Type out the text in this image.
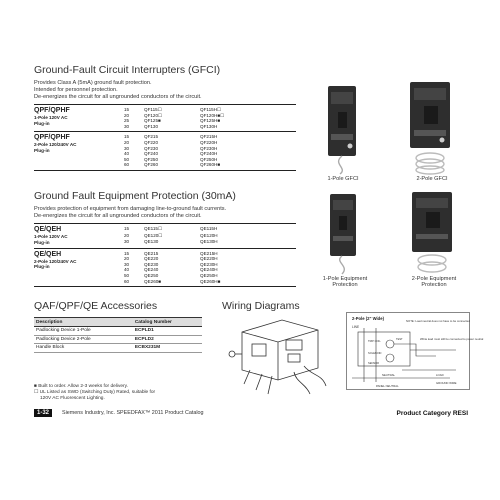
Ground-Fault Circuit Interrupters (GFCI)
Provides Class A (5mA) ground fault protection.
Intended for personnel protection.
De-energizes the circuit for all ungrounded conductors of the circuit.
QPF/QPHF
1-Pole 120V AC
Plug-in	15	QF115☐	QF115H☐
	20	QF120☐	QF120H■☐
	25	QF125■	QF125H■
	30	QF130	QF130H
QPF/QPHF
2-Pole 120/240V AC
Plug-in	15	QF215	QF215H
	20	QF220	QF220H
	30	QF230	QF230H
	40	QF240	QF240H
	50	QF250	QF250H
	60	QF260	QF260H■
Ground Fault Equipment Protection (30mA)
Provides protection of equipment from damaging line-to-ground fault currents.
De-energizes the circuit for all ungrounded conductors of the circuit.
QE/QEH
1-Pole 120V AC
Plug-in	15	QE115☐	QE115H
	20	QE120☐	QE120H
	30	QE130	QE130H
QE/QEH
2-Pole 120/240V AC
Plug-in	15	QE215	QE215H
	20	QE220	QE220H
	30	QE230	QE230H
	40	QE240	QE240H
	50	QE250	QE250H
	60	QE260■	QE260H■
1-Pole GFCI	2-Pole GFCI
1-Pole Equipment
Protection
2-Pole Equipment
Protection
QAF/QPF/QE Accessories
Description	Catalog Number
Padlocking Device 1-Pole	ECPLD1
Padlocking Device 2-Pole	ECPLD2
Handle Block	ECBX231M
Wiring Diagrams
2-Pole (2" Wide)
LINE
NOTE: Load neutral does not have to be connected
White lead must still be connected to power neutral
TRIP COIL
SOLENOID
SENSOR
TEST
NEUTRAL	LOAD
GROUND WIRE
PANEL NEUTRAL
■ Built to order. Allow 2-3 weeks for delivery.
☐ UL Listed as SWD (Switching Duty) Rated, suitable for
120V AC Fluorescent Lighting.
1-32	Siemens Industry, Inc. SPEEDFAX™ 2011 Product Catalog	Product Category RESI
